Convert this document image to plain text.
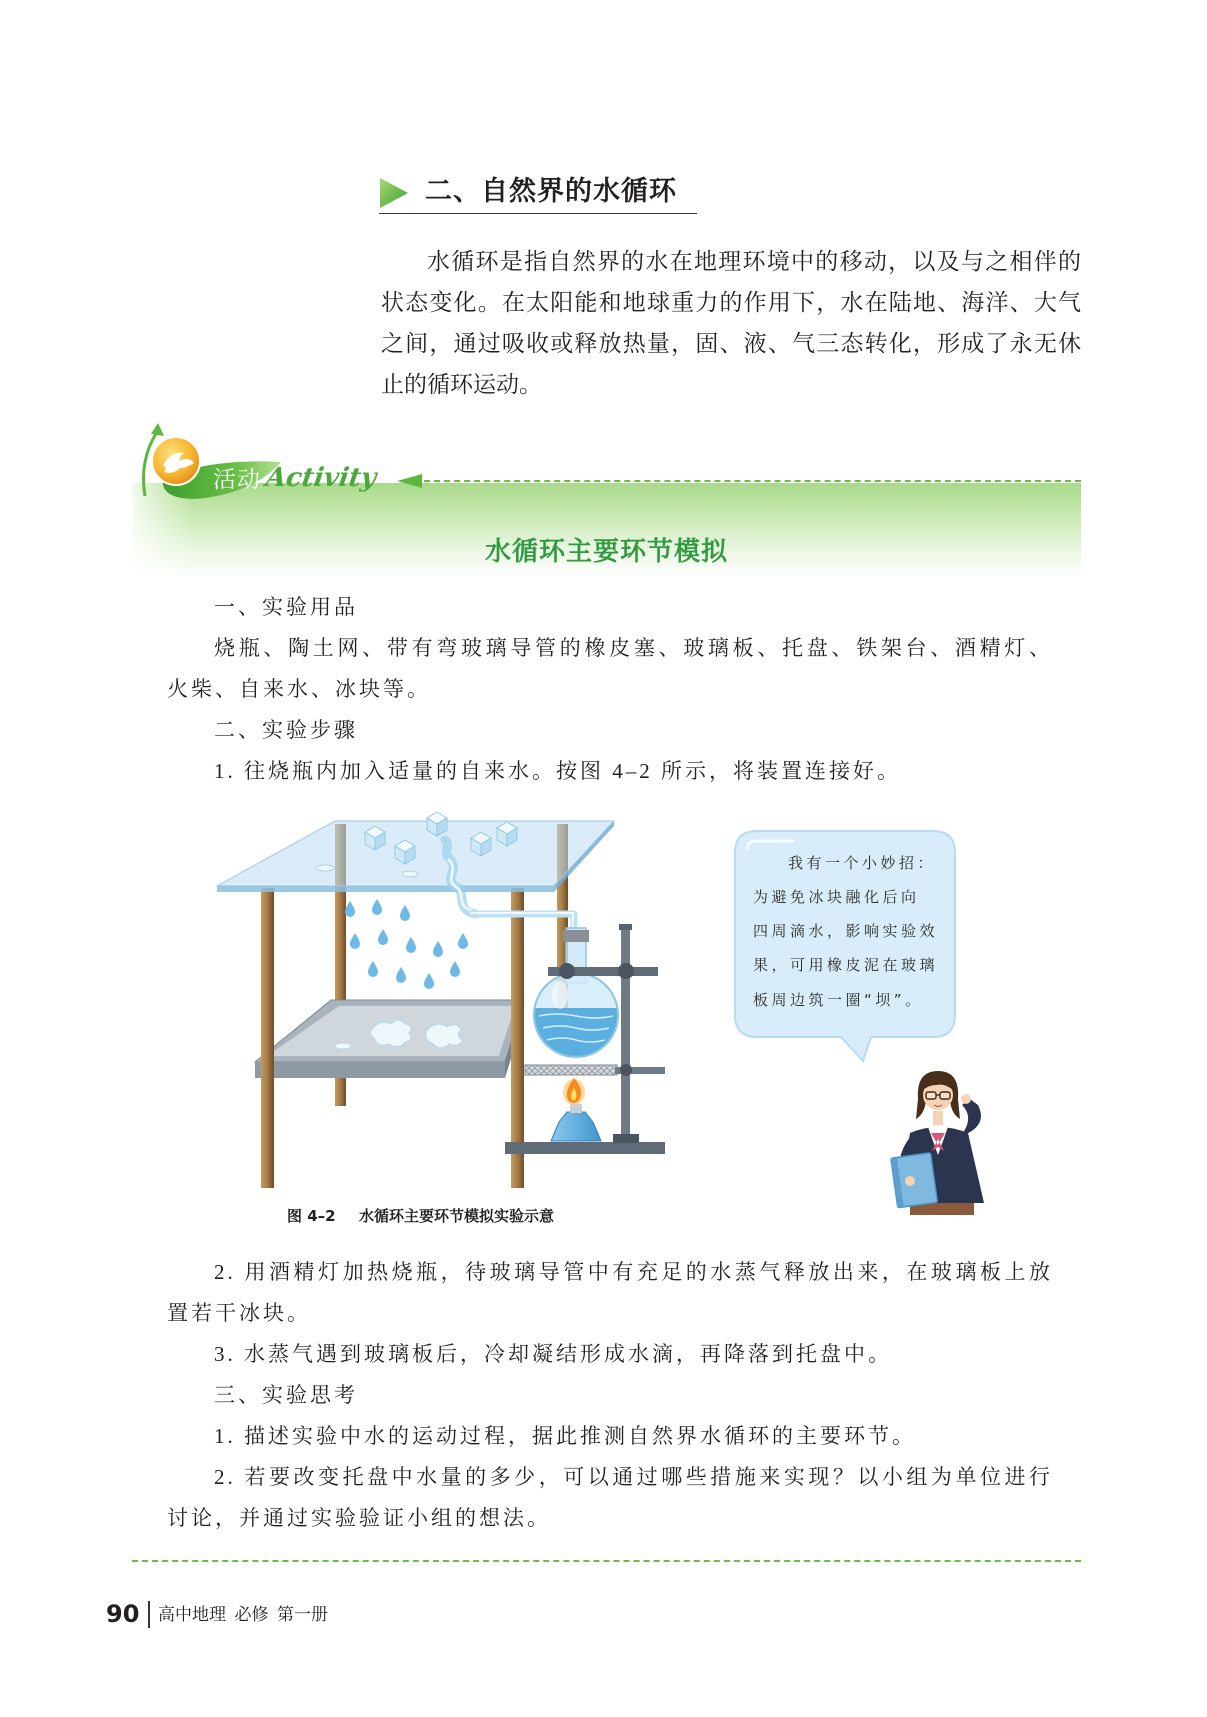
二、自然界的水循环
水循环是指自然界的水在地理环境中的移动，以及与之相伴的
状态变化。在太阳能和地球重力的作用下，水在陆地、海洋、大气
之间，通过吸收或释放热量，固、液、气三态转化，形成了永无休
止的循环运动。
活动 Activity
水循环主要环节模拟
一、实验用品
烧瓶、陶土网、带有弯玻璃导管的橡皮塞、玻璃板、托盘、铁架台、酒精灯、
火柴、自来水、冰块等。
二、实验步骤
1. 往烧瓶内加入适量的自来水。按图 4–2 所示，将装置连接好。
我有一个小妙招：
为避免冰块融化后向
四周滴水，影响实验效
果，可用橡皮泥在玻璃
板周边筑一圈“坝”。
图 4–2 水循环主要环节模拟实验示意
2. 用酒精灯加热烧瓶，待玻璃导管中有充足的水蒸气释放出来，在玻璃板上放
置若干冰块。
3. 水蒸气遇到玻璃板后，冷却凝结形成水滴，再降落到托盘中。
三、实验思考
1. 描述实验中水的运动过程，据此推测自然界水循环的主要环节。
2. 若要改变托盘中水量的多少，可以通过哪些措施来实现？以小组为单位进行
讨论，并通过实验验证小组的想法。
90 高中地理  必修  第一册
